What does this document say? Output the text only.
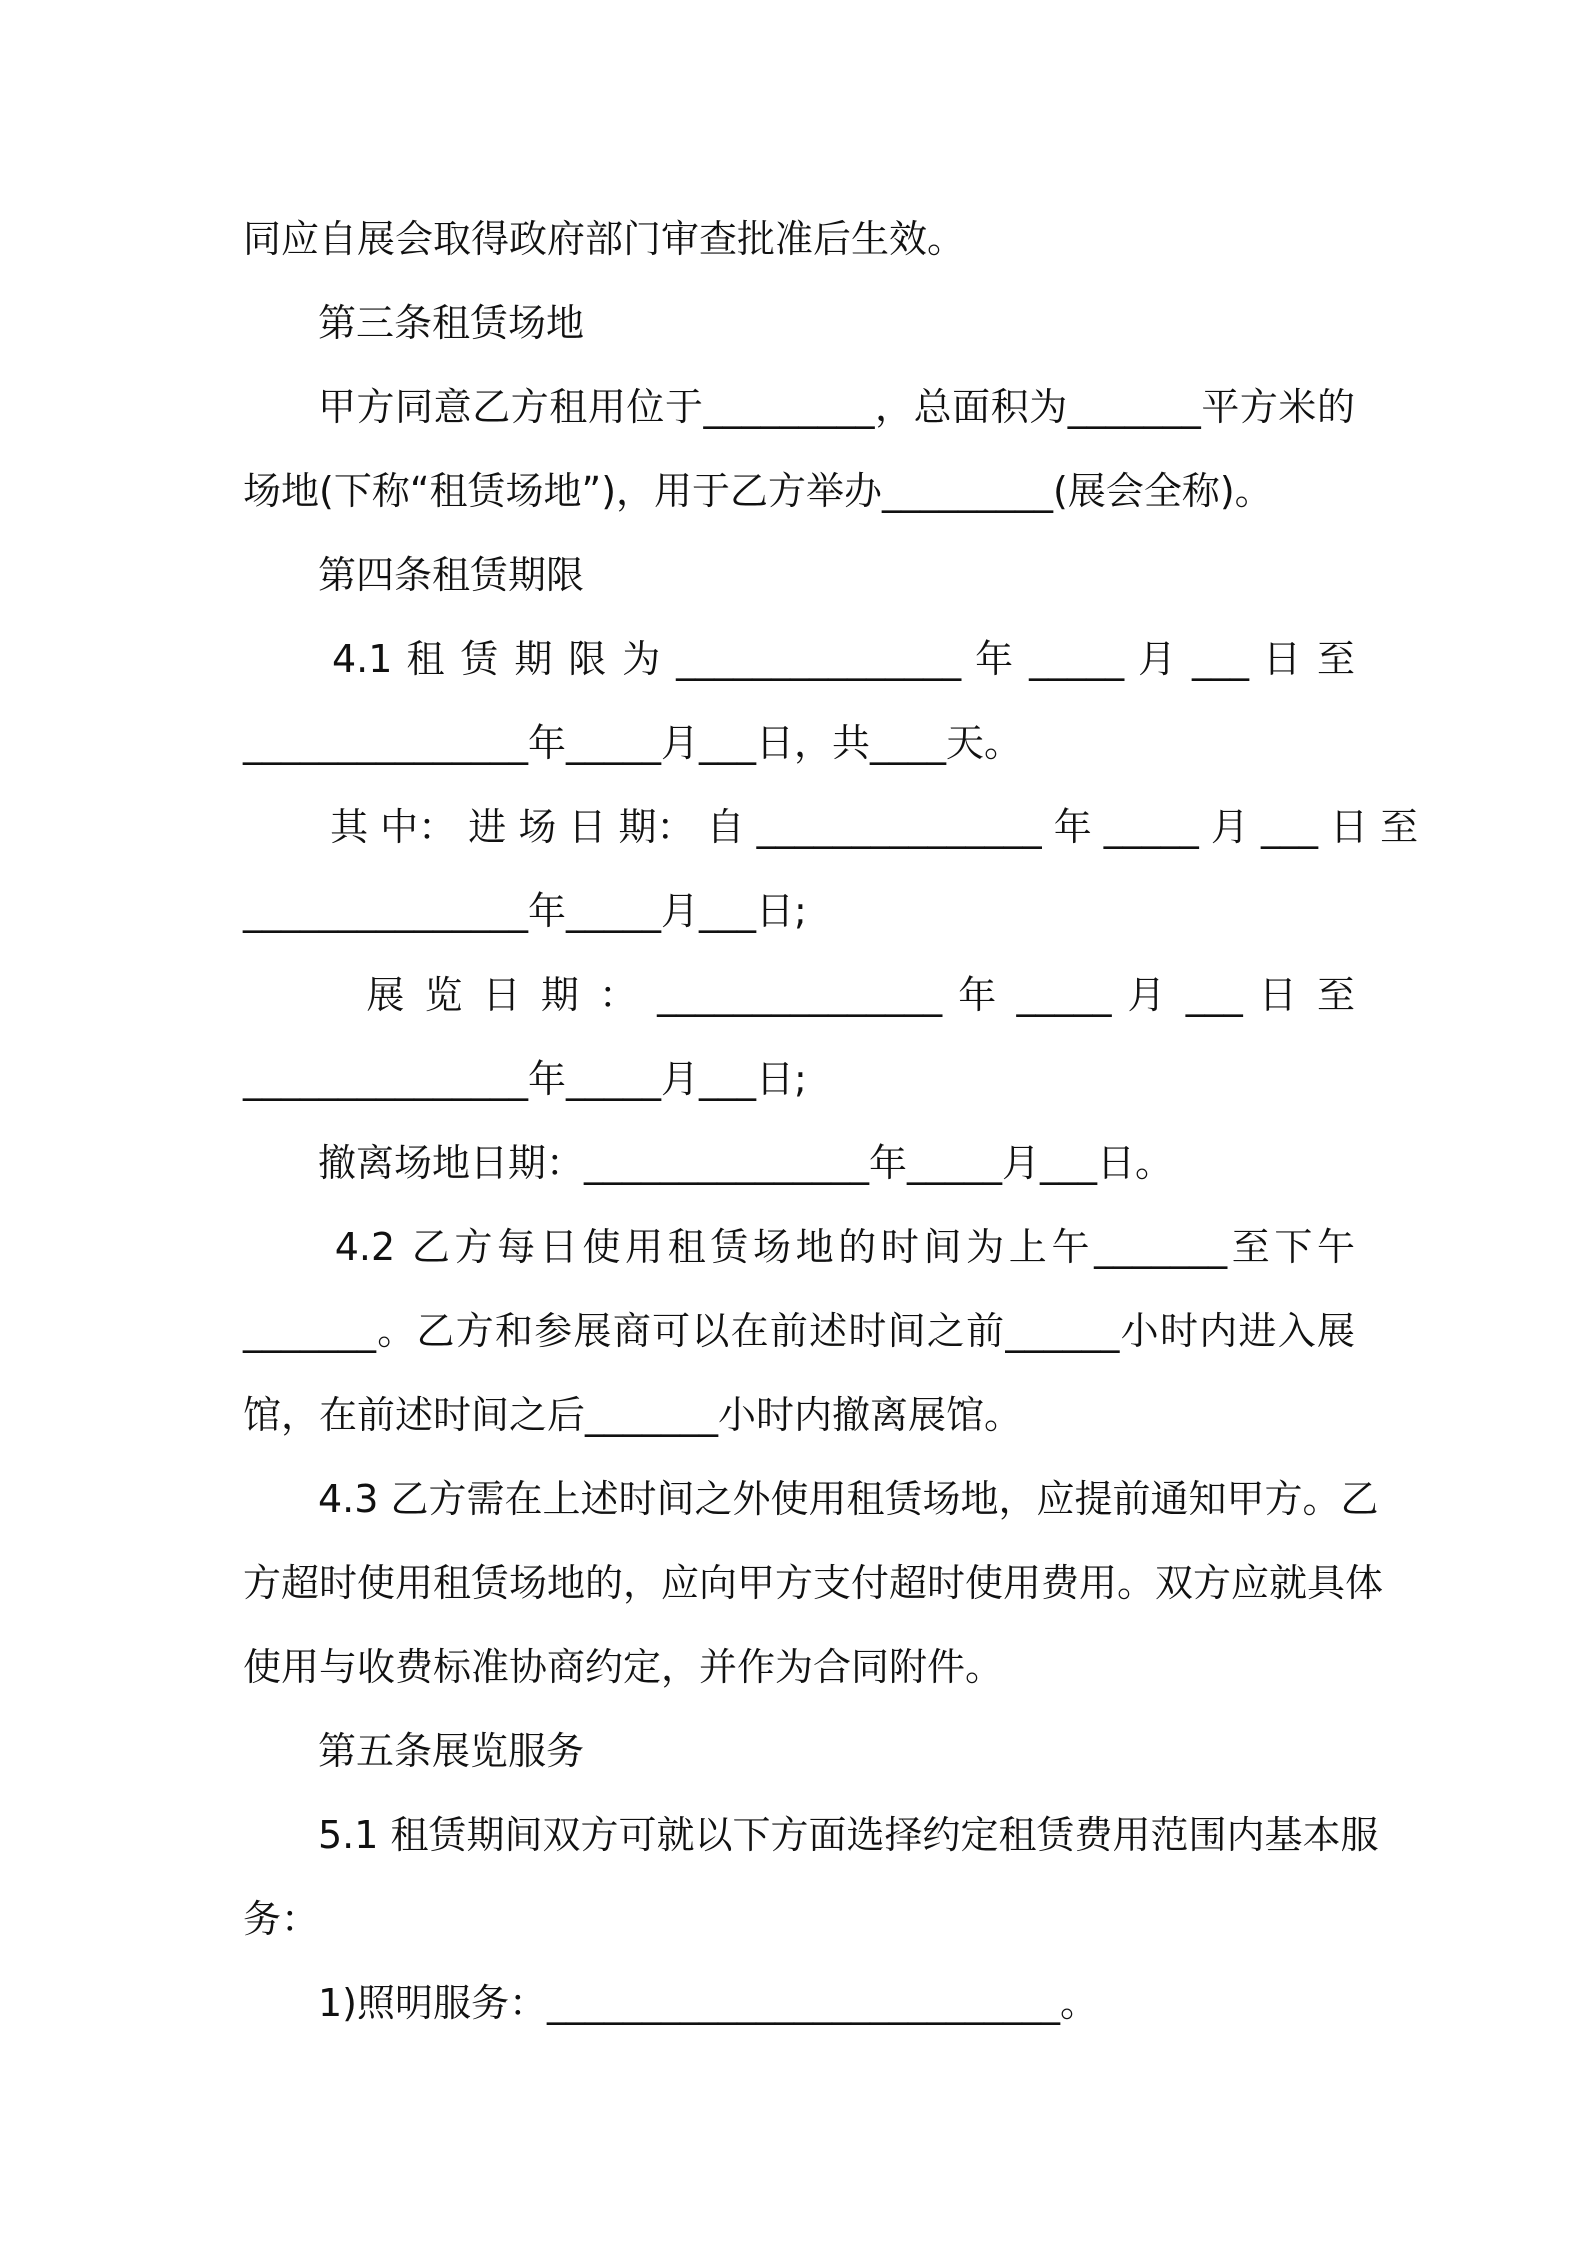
同应自展会取得政府部门审查批准后生效。
第三条租赁场地
甲方同意乙方租用位于_________，总面积为_______平方米的
场地(下称“租赁场地”)，用于乙方举办_________(展会全称)。
第四条租赁期限
4.1 租 赁 期 限 为 _______________ 年 _____ 月 ___ 日 至
_______________年_____月___日，共____天。
其 中： 进 场 日 期： 自 _______________ 年 _____ 月 ___ 日 至
_______________年_____月___日;
展 览 日 期 ： _______________ 年 _____ 月 ___ 日 至
_______________年_____月___日;
撤离场地日期：_______________年_____月___日。
4.2 乙方每日使用租赁场地的时间为上午_______至下午
_______。乙方和参展商可以在前述时间之前______小时内进入展
馆，在前述时间之后_______小时内撤离展馆。
4.3 乙方需在上述时间之外使用租赁场地，应提前通知甲方。乙
方超时使用租赁场地的，应向甲方支付超时使用费用。双方应就具体
使用与收费标准协商约定，并作为合同附件。
第五条展览服务
5.1 租赁期间双方可就以下方面选择约定租赁费用范围内基本服
务：
1)照明服务：___________________________。
